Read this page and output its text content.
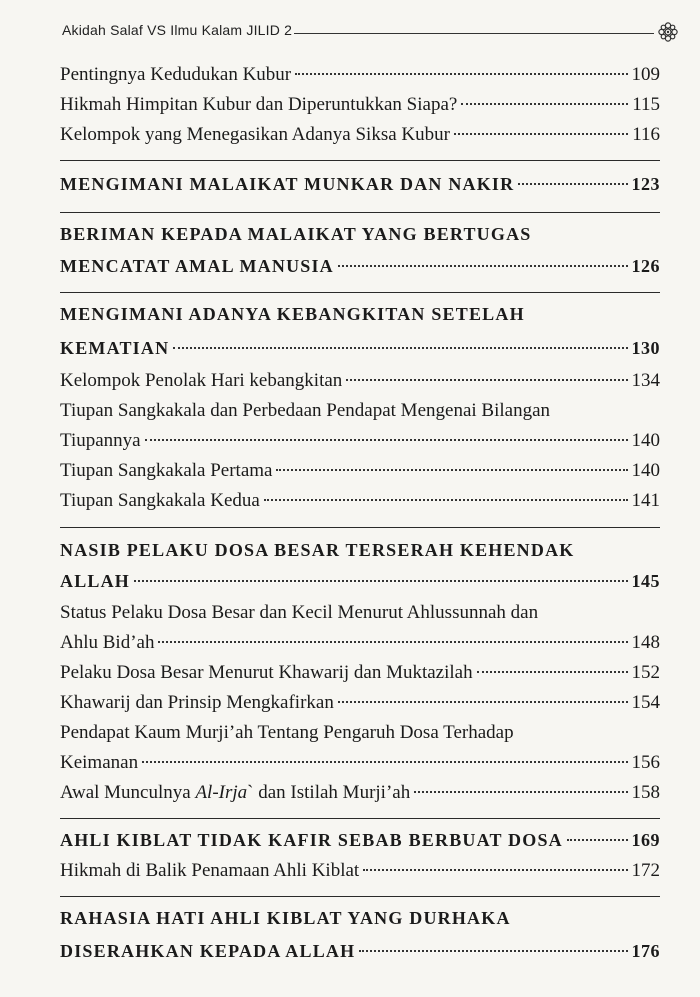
Akidah Salaf VS Ilmu Kalam JILID 2
Pentingnya Kedudukan Kubur	109
Hikmah Himpitan Kubur dan Diperuntukkan Siapa?	115
Kelompok yang Menegasikan Adanya Siksa Kubur	116
MENGIMANI MALAIKAT MUNKAR DAN NAKIR	123
BERIMAN KEPADA MALAIKAT YANG BERTUGAS
MENCATAT AMAL MANUSIA	126
MENGIMANI ADANYA KEBANGKITAN SETELAH
KEMATIAN	130
Kelompok Penolak Hari kebangkitan	134
Tiupan Sangkakala dan Perbedaan Pendapat Mengenai Bilangan
Tiupannya	140
Tiupan Sangkakala Pertama	140
Tiupan Sangkakala Kedua	141
NASIB PELAKU DOSA BESAR TERSERAH KEHENDAK
ALLAH	145
Status Pelaku Dosa Besar dan Kecil Menurut Ahlussunnah dan
Ahlu Bid’ah	148
Pelaku Dosa Besar Menurut Khawarij dan Muktazilah	152
Khawarij dan Prinsip Mengkafirkan	154
Pendapat Kaum Murji’ah Tentang Pengaruh Dosa Terhadap
Keimanan	156
Awal Munculnya Al-Irja` dan Istilah Murji’ah	158
AHLI KIBLAT TIDAK KAFIR SEBAB BERBUAT DOSA	169
Hikmah di Balik Penamaan Ahli Kiblat	172
RAHASIA HATI AHLI KIBLAT YANG DURHAKA
DISERAHKAN KEPADA ALLAH	176
